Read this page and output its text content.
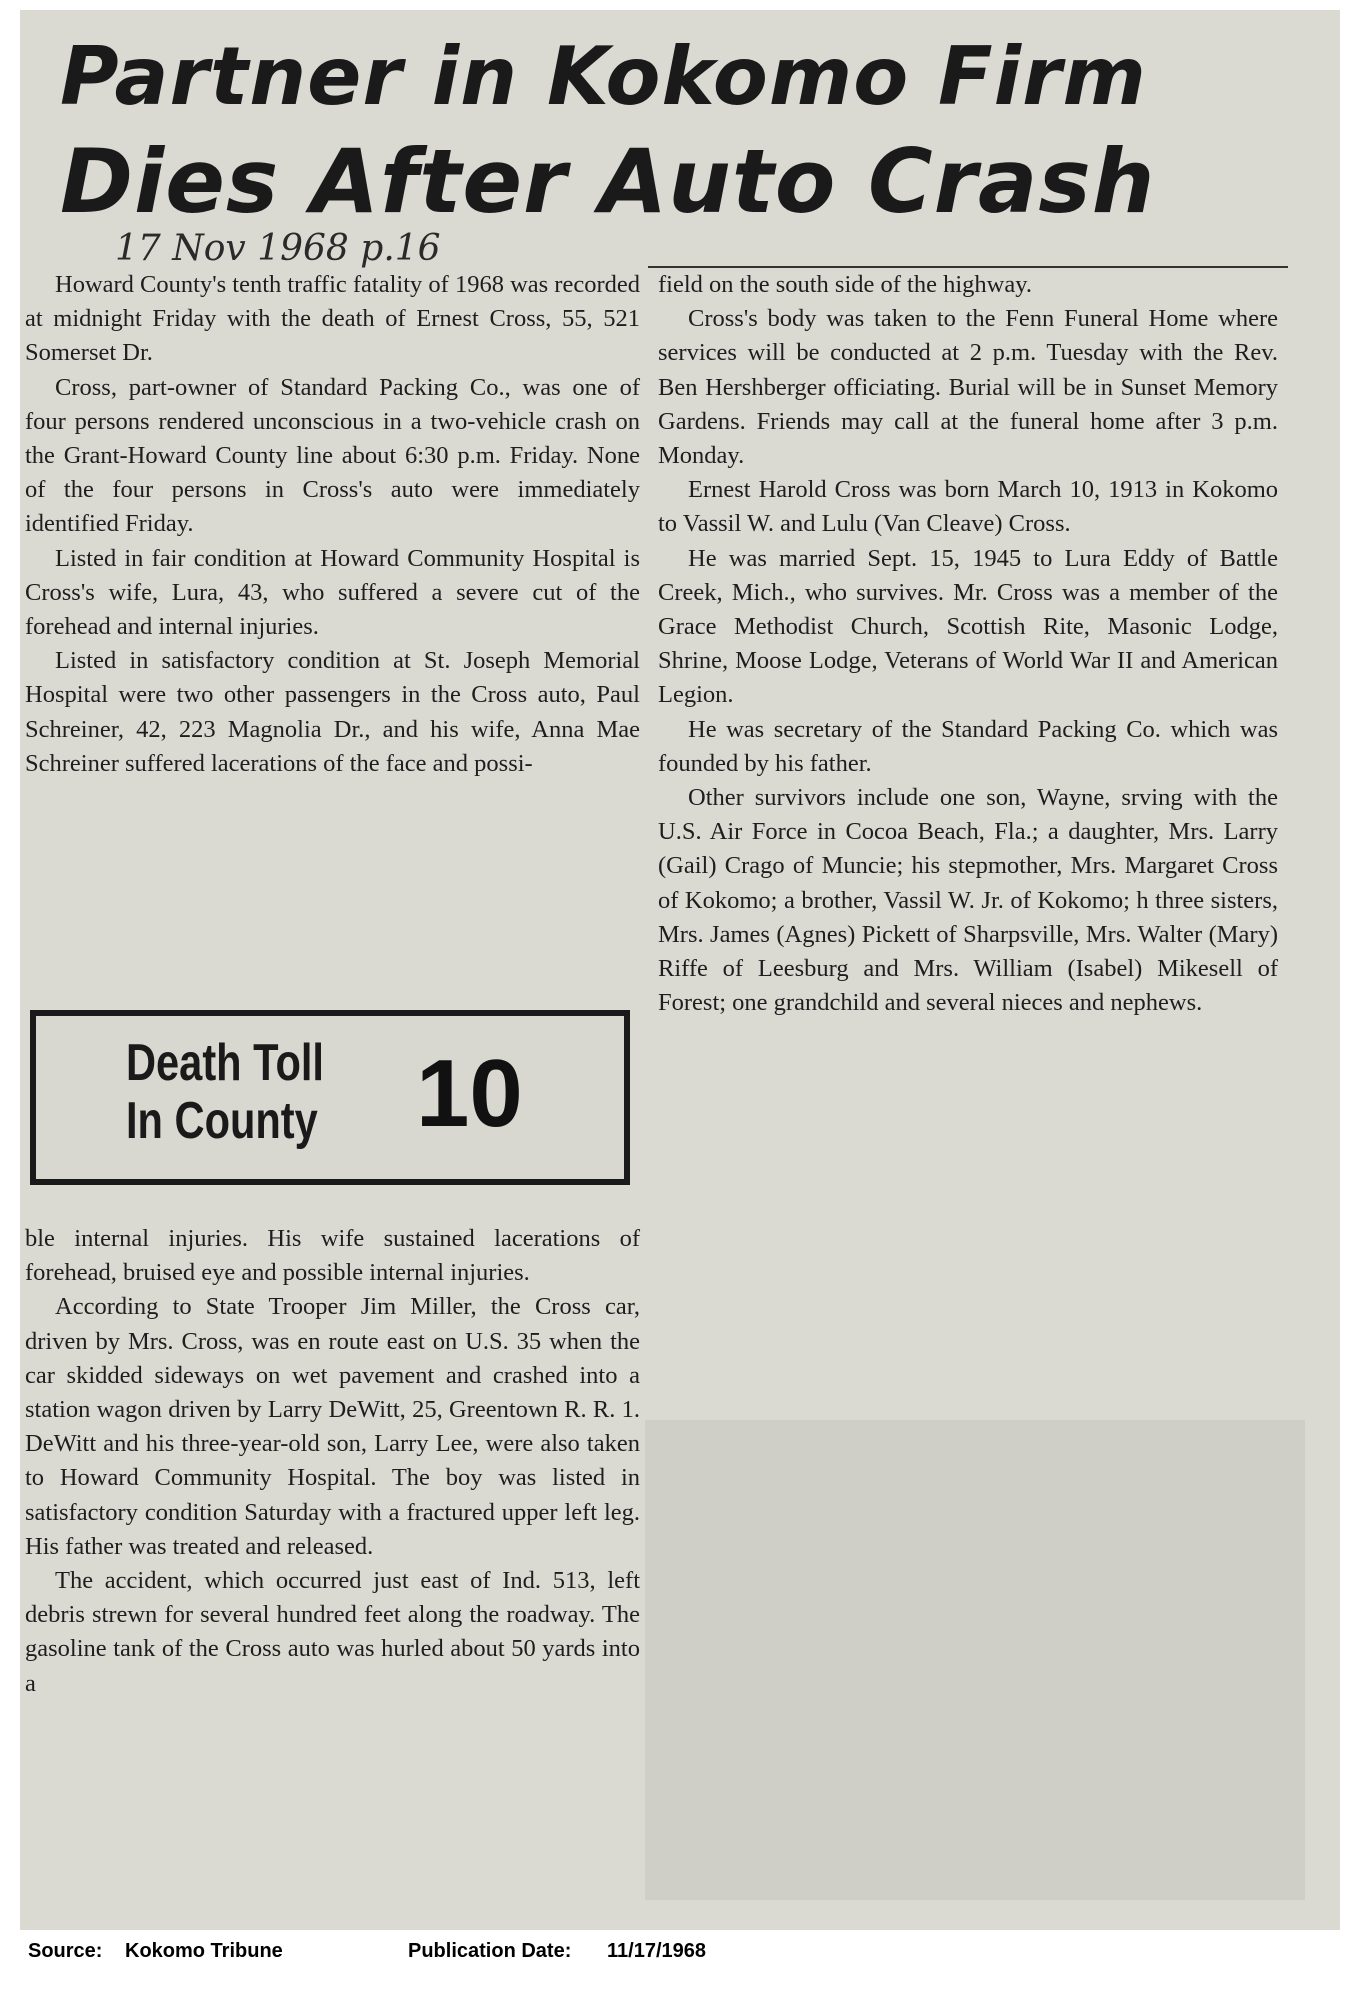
Partner in Kokomo Firm
Dies After Auto Crash
17 Nov 1968 p.16

Howard County's tenth traffic fatality of 1968 was recorded at midnight Friday with the death of Ernest Cross, 55, 521 Somerset Dr.

Cross, part-owner of Standard Packing Co., was one of four persons rendered unconscious in a two-vehicle crash on the Grant-Howard County line about 6:30 p.m. Friday. None of the four persons in Cross's auto were immediately identified Friday.

Listed in fair condition at Howard Community Hospital is Cross's wife, Lura, 43, who suffered a severe cut of the forehead and internal injuries.

Listed in satisfactory condition at St. Joseph Memorial Hospital were two other passengers in the Cross auto, Paul Schreiner, 42, 223 Magnolia Dr., and his wife, Anna Mae Schreiner suffered lacerations of the face and possi-

Death Toll
In County 10

ble internal injuries. His wife sustained lacerations of forehead, bruised eye and possible internal injuries.

According to State Trooper Jim Miller, the Cross car, driven by Mrs. Cross, was en route east on U.S. 35 when the car skidded sideways on wet pavement and crashed into a station wagon driven by Larry DeWitt, 25, Greentown R. R. 1. DeWitt and his three-year-old son, Larry Lee, were also taken to Howard Community Hospital. The boy was listed in satisfactory condition Saturday with a fractured upper left leg. His father was treated and released.

The accident, which occurred just east of Ind. 513, left debris strewn for several hundred feet along the roadway. The gasoline tank of the Cross auto was hurled about 50 yards into a

field on the south side of the highway.

Cross's body was taken to the Fenn Funeral Home where services will be conducted at 2 p.m. Tuesday with the Rev. Ben Hershberger officiating. Burial will be in Sunset Memory Gardens. Friends may call at the funeral home after 3 p.m. Monday.

Ernest Harold Cross was born March 10, 1913 in Kokomo to Vassil W. and Lulu (Van Cleave) Cross.

He was married Sept. 15, 1945 to Lura Eddy of Battle Creek, Mich., who survives. Mr. Cross was a member of the Grace Methodist Church, Scottish Rite, Masonic Lodge, Shrine, Moose Lodge, Veterans of World War II and American Legion.

He was secretary of the Standard Packing Co. which was founded by his father.

Other survivors include one son, Wayne, srving with the U.S. Air Force in Cocoa Beach, Fla.; a daughter, Mrs. Larry (Gail) Crago of Muncie; his stepmother, Mrs. Margaret Cross of Kokomo; a brother, Vassil W. Jr. of Kokomo; h three sisters, Mrs. James (Agnes) Pickett of Sharpsville, Mrs. Walter (Mary) Riffe of Leesburg and Mrs. William (Isabel) Mikesell of Forest; one grandchild and several nieces and nephews.

Source: Kokomo Tribune	Publication Date: 11/17/1968
